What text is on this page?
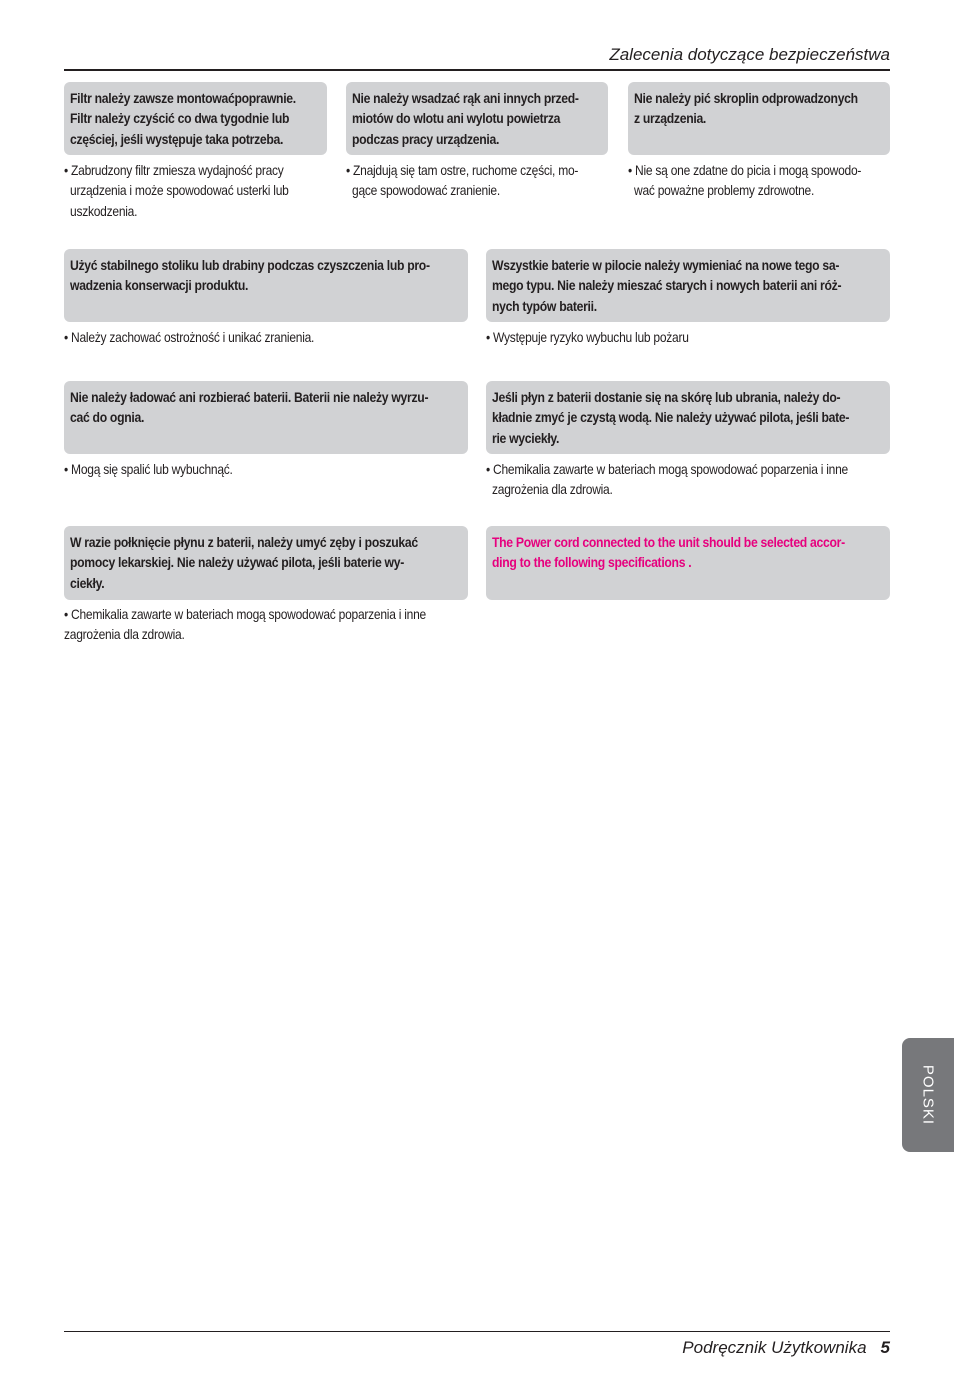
Zalecenia dotyczące bezpieczeństwa
Filtr należy zawsze montowaćpoprawnie.
Filtr należy czyścić co dwa tygodnie lub
częściej, jeśli występuje taka potrzeba.
• Zabrudzony filtr zmiesza wydajność pracy
urządzenia i może spowodować usterki lub
uszkodzenia.
Nie należy wsadzać rąk ani innych przed-
miotów do wlotu ani wylotu powietrza
podczas pracy urządzenia.
• Znajdują się tam ostre, ruchome części, mo-
gące spowodować zranienie.
Nie należy pić skroplin odprowadzonych
z urządzenia.
• Nie są one zdatne do picia i mogą spowodo-
wać poważne problemy zdrowotne.
Użyć stabilnego stoliku lub drabiny podczas czyszczenia lub pro-
wadzenia konserwacji produktu.
• Należy zachować ostrożność i unikać zranienia.
Wszystkie baterie w pilocie należy wymieniać na nowe tego sa-
mego typu. Nie należy mieszać starych i nowych baterii ani róż-
nych typów baterii.
• Występuje ryzyko wybuchu lub pożaru
Nie należy ładować ani rozbierać baterii. Baterii nie należy wyrzu-
cać do ognia.
• Mogą się spalić lub wybuchnąć.
Jeśli płyn z baterii dostanie się na skórę lub ubrania, należy do-
kładnie zmyć je czystą wodą. Nie należy używać pilota, jeśli bate-
rie wyciekły.
• Chemikalia zawarte w bateriach mogą spowodować poparzenia i inne
zagrożenia dla zdrowia.
W razie połknięcie płynu z baterii, należy umyć zęby i poszukać
pomocy lekarskiej. Nie należy używać pilota, jeśli baterie wy-
ciekły.
• Chemikalia zawarte w bateriach mogą spowodować poparzenia i inne
zagrożenia dla zdrowia.
The Power cord connected to the unit should be selected accor-
ding to the following specifications .
POLSKI
Podręcznik Użytkownika 5
